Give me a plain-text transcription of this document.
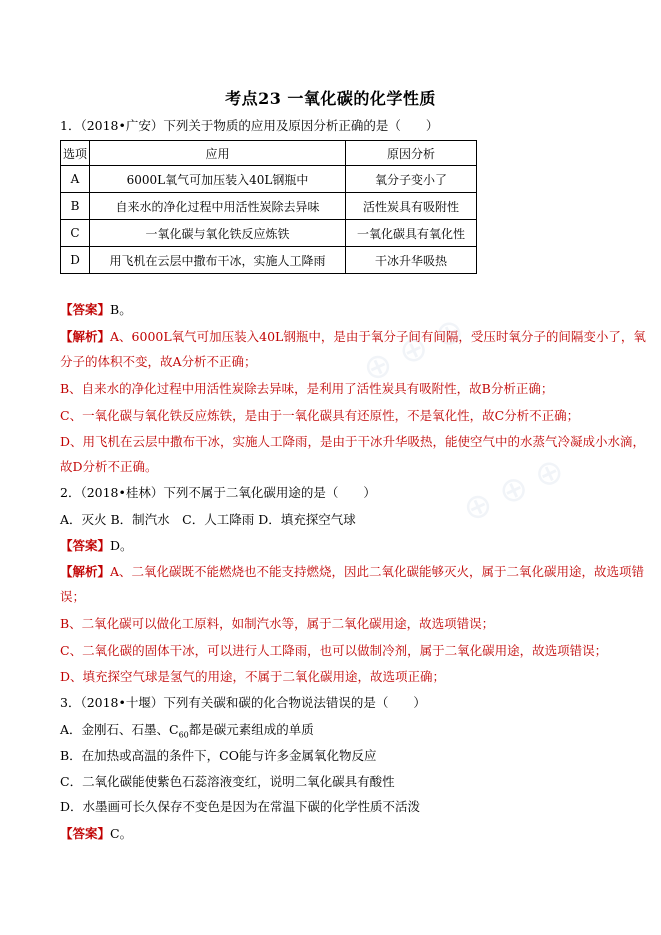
⊕ ⊕ ⊕
⊕ ⊕ ⊕
考点23 一氧化碳的化学性质
1．（2018•广安）下列关于物质的应用及原因分析正确的是（　　）
选项	应用	原因分析
A	6000L氧气可加压装入40L钢瓶中	氧分子变小了
B	自来水的净化过程中用活性炭除去异味	活性炭具有吸附性
C	一氧化碳与氧化铁反应炼铁	一氧化碳具有氧化性
D	用飞机在云层中撒布干冰，实施人工降雨	干冰升华吸热
【答案】B。
【解析】A、6000L氧气可加压装入40L钢瓶中，是由于氧分子间有间隔，受压时氧分子的间隔变小了，氧
分子的体积不变，故A分析不正确；
B、自来水的净化过程中用活性炭除去异味，是利用了活性炭具有吸附性，故B分析正确；
C、一氧化碳与氧化铁反应炼铁，是由于一氧化碳具有还原性，不是氧化性，故C分析不正确；
D、用飞机在云层中撒布干冰，实施人工降雨，是由于干冰升华吸热，能使空气中的水蒸气冷凝成小水滴，
故D分析不正确。
2．（2018•桂林）下列不属于二氧化碳用途的是（　　）
A．灭火 B．制汽水　C．人工降雨 D．填充探空气球
【答案】D。
【解析】A、二氧化碳既不能燃烧也不能支持燃烧，因此二氧化碳能够灭火，属于二氧化碳用途，故选项错
误；
B、二氧化碳可以做化工原料，如制汽水等，属于二氧化碳用途，故选项错误；
C、二氧化碳的固体干冰，可以进行人工降雨，也可以做制冷剂，属于二氧化碳用途，故选项错误；
D、填充探空气球是氢气的用途，不属于二氧化碳用途，故选项正确；
3．（2018•十堰）下列有关碳和碳的化合物说法错误的是（　　）
A．金刚石、石墨、$C_{60}$都是碳元素组成的单质
B．在加热或高温的条件下，CO能与许多金属氧化物反应
C．二氧化碳能使紫色石蕊溶液变红，说明二氧化碳具有酸性
D．水墨画可长久保存不变色是因为在常温下碳的化学性质不活泼
【答案】C。
